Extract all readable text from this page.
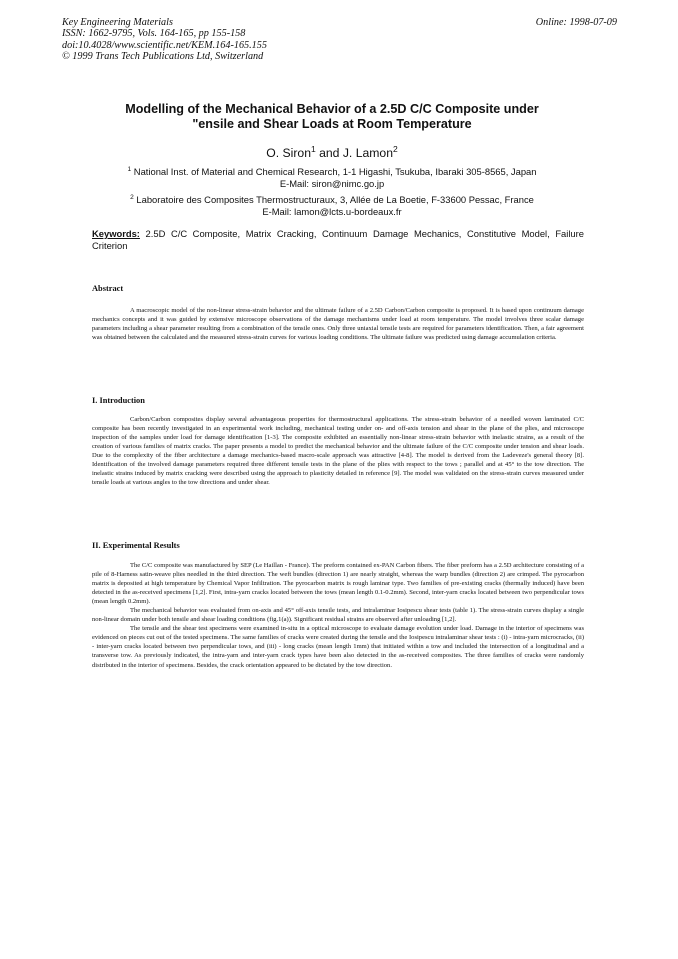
Key Engineering Materials
ISSN: 1662-9795, Vols. 164-165, pp 155-158
doi:10.4028/www.scientific.net/KEM.164-165.155
© 1999 Trans Tech Publications Ltd, Switzerland
Online: 1998-07-09
Modelling of the Mechanical Behavior of a 2.5D C/C Composite under
"ensile and Shear Loads at Room Temperature
O. Siron$^1$ and J. Lamon$^2$
$^1$ National Inst. of Material and Chemical Research, 1-1 Higashi, Tsukuba, Ibaraki 305-8565, Japan
E-Mail: siron@nimc.go.jp
$^2$ Laboratoire des Composites Thermostructuraux, 3, Allée de La Boetie, F-33600 Pessac, France
E-Mail: lamon@lcts.u-bordeaux.fr
Keywords: 2.5D C/C Composite, Matrix Cracking, Continuum Damage Mechanics, Constitutive Model, Failure Criterion
Abstract

A macroscopic model of the non-linear stress-strain behavior and the ultimate failure of a 2.5D Carbon/Carbon composite is proposed. It is based upon continuum damage mechanics concepts and it was guided by extensive microscope observations of the damage mechanisms under load at room temperature. The model involves three scalar damage parameters including a shear parameter resulting from a combination of the tensile ones. Only three uniaxial tensile tests are required for parameters identification. Then, a fair agreement was obtained between the calculated and the measured stress-strain curves for various loading conditions. The ultimate failure was predicted using damage accumulation criteria.

I. Introduction

Carbon/Carbon composites display several advantageous properties for thermostructural applications. The stress-strain behavior of a needled woven laminated C/C composite has been recently investigated in an experimental work including, mechanical testing under on- and off-axis tension and shear in the plane of the plies, and microscope inspection of the samples under load for damage identification [1-3]. The composite exhibited an essentially non-linear stress-strain behavior with inelastic strains, as a result of the creation of various families of matrix cracks. The paper presents a model to predict the mechanical behavior and the ultimate failure of the C/C composite under tension and shear loads. Due to the complexity of the fiber architecture a damage mechanics-based macro-scale approach was attractive [4-8]. The model is derived from the Ladeveze's general theory [8]. Identification of the involved damage parameters required three different tensile tests in the plane of the plies with respect to the tows ; parallel and at 45° to the tow direction. The inelastic strains induced by matrix cracking were described using the approach to plasticity detailed in reference [9]. The model was validated on the stress-strain curves measured under tensile loads at various angles to the tow directions and under shear.

II. Experimental Results

The C/C composite was manufactured by SEP (Le Haillan - France). The preform contained ex-PAN Carbon fibers. The fiber preform has a 2.5D architecture consisting of a pile of 8-Harness satin-weave plies needled in the third direction. The weft bundles (direction 1) are nearly straight, whereas the warp bundles (direction 2) are crimped. The pyrocarbon matrix is deposited at high temperature by Chemical Vapor Infiltration. The pyrocarbon matrix is rough laminar type. Two families of pre-existing cracks (thermally induced) have been detected in the as-received specimens [1,2]. First, intra-yarn cracks located between the tows (mean length 0.1-0.2mm). Second, inter-yarn cracks located between two perpendicular tows (mean length 0.2mm).

The mechanical behavior was evaluated from on-axis and 45° off-axis tensile tests, and intralaminar Iosipescu shear tests (table 1). The stress-strain curves display a single non-linear domain under both tensile and shear loading conditions (fig.1(a)). Significant residual strains are observed after unloading [1,2].

The tensile and the shear test specimens were examined in-situ in a optical microscope to evaluate damage evolution under load. Damage in the interior of specimens was evidenced on pieces cut out of the tested specimens. The same families of cracks were created during the tensile and the Iosipescu intralaminar shear tests : (i) - intra-yarn microcracks, (ii) - inter-yarn cracks located between two perpendicular tows, and (iii) - long cracks (mean length 1mm) that initiated within a tow and included the intersection of a longitudinal and a transverse tow. As previously indicated, the intra-yarn and inter-yarn crack types have been also detected in the as-received composites. The three families of cracks were randomly distributed in the interior of specimens. Besides, the crack orientation appeared to be dictated by the tow direction.
